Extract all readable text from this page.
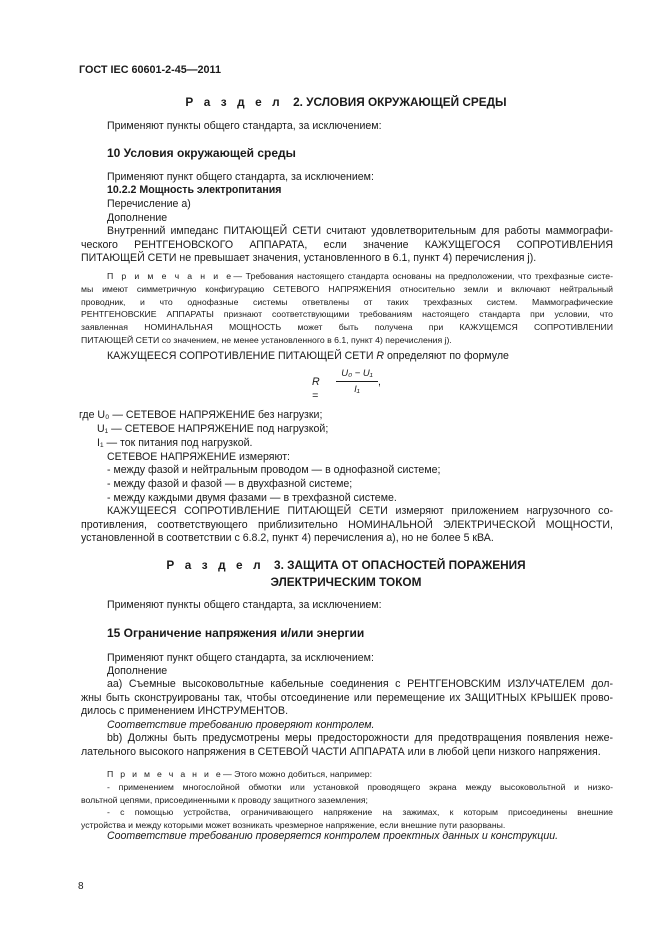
ГОСТ IEC 60601-2-45—2011
Р а з д е л 2. УСЛОВИЯ ОКРУЖАЮЩЕЙ СРЕДЫ
Применяют пункты общего стандарта, за исключением:
10 Условия окружающей среды
Применяют пункт общего стандарта, за исключением:
10.2.2 Мощность электропитания
Перечисление а)
Дополнение
Внутренний импеданс ПИТАЮЩЕЙ СЕТИ считают удовлетворительным для работы маммографи-
ческого РЕНТГЕНОВСКОГО АППАРАТА, если значение КАЖУЩЕГОСЯ СОПРОТИВЛЕНИЯ
ПИТАЮЩЕЙ СЕТИ не превышает значения, установленного в 6.1, пункт 4) перечисления j).
П р и м е ч а н и е— Требования настоящего стандарта основаны на предположении, что трехфазные систе-
мы имеют симметричную конфигурацию СЕТЕВОГО НАПРЯЖЕНИЯ относительно земли и включают нейтральный
проводник, и что однофазные системы ответвлены от таких трехфазных систем. Маммографические
РЕНТГЕНОВСКИЕ АППАРАТЫ признают соответствующими требованиям настоящего стандарта при условии, что
заявленная НОМИНАЛЬНАЯ МОЩНОСТЬ может быть получена при КАЖУЩЕМСЯ СОПРОТИВЛЕНИИ
ПИТАЮЩЕЙ СЕТИ со значением, не менее установленного в 6.1, пункт 4) перечисления j).
КАЖУЩЕЕСЯ СОПРОТИВЛЕНИЕ ПИТАЮЩЕЙ СЕТИ R определяют по формуле
$R = \frac{\text{U₀ − U₁}}{\text{I₁}}$ ,
где U₀ — СЕТЕВОЕ НАПРЯЖЕНИЕ без нагрузки;
U₁ — СЕТЕВОЕ НАПРЯЖЕНИЕ под нагрузкой;
I₁ — ток питания под нагрузкой.
СЕТЕВОЕ НАПРЯЖЕНИЕ измеряют:
- между фазой и нейтральным проводом — в однофазной системе;
- между фазой и фазой — в двухфазной системе;
- между каждыми двумя фазами — в трехфазной системе.
КАЖУЩЕЕСЯ СОПРОТИВЛЕНИЕ ПИТАЮЩЕЙ СЕТИ измеряют приложением нагрузочного со-
противления, соответствующего приблизительно НОМИНАЛЬНОЙ ЭЛЕКТРИЧЕСКОЙ МОЩНОСТИ,
установленной в соответствии с 6.8.2, пункт 4) перечисления а), но не более 5 кВА.
Р а з д е л 3. ЗАЩИТА ОТ ОПАСНОСТЕЙ ПОРАЖЕНИЯ
ЭЛЕКТРИЧЕСКИМ ТОКОМ
Применяют пункты общего стандарта, за исключением:
15 Ограничение напряжения и/или энергии
Применяют пункт общего стандарта, за исключением:
Дополнение
аа) Съемные высоковольтные кабельные соединения с РЕНТГЕНОВСКИМ ИЗЛУЧАТЕЛЕМ дол-
жны быть сконструированы так, чтобы отсоединение или перемещение их ЗАЩИТНЫХ КРЫШЕК прово-
дилось с применением ИНСТРУМЕНТОВ.
Соответствие требованию проверяют контролем.
bb) Должны быть предусмотрены меры предосторожности для предотвращения появления неже-
лательного высокого напряжения в СЕТЕВОЙ ЧАСТИ АППАРАТА или в любой цепи низкого напряжения.
П р и м е ч а н и е— Этого можно добиться, например:
- применением многослойной обмотки или установкой проводящего экрана между высоковольтной и низко-
вольтной цепями, присоединенными к проводу защитного заземления;
- с помощью устройства, ограничивающего напряжение на зажимах, к которым присоединены внешние
устройства и между которыми может возникать чрезмерное напряжение, если внешние пути разорваны.
Соответствие требованию проверяется контролем проектных данных и конструкции.
8
